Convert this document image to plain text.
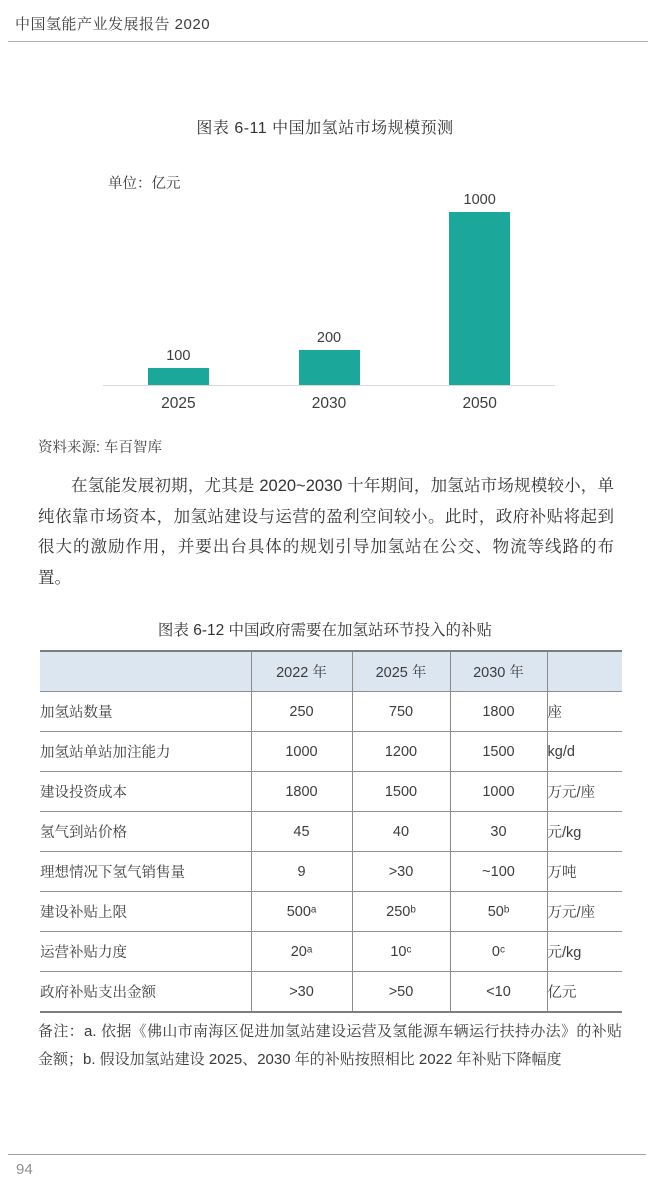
中国氢能产业发展报告 2020
图表 6-11 中国加氢站市场规模预测
单位：亿元
100
200
1000
2025	2030	2050
资料来源: 车百智库

在氢能发展初期，尤其是 2020~2030 十年期间，加氢站市场规模较小，单纯依靠市场资本，加氢站建设与运营的盈利空间较小。此时，政府补贴将起到很大的激励作用，并要出台具体的规划引导加氢站在公交、物流等线路的布置。

图表 6-12 中国政府需要在加氢站环节投入的补贴
	2022 年	2025 年	2030 年	
加氢站数量	250	750	1800	座
加氢站单站加注能力	1000	1200	1500	kg/d
建设投资成本	1800	1500	1000	万元/座
氢气到站价格	45	40	30	元/kg
理想情况下氢气销售量	9	>30	~100	万吨
建设补贴上限	500ᵃ	250ᵇ	50ᵇ	万元/座
运营补贴力度	20ᵃ	10ᶜ	0ᶜ	元/kg
政府补贴支出金额	>30	>50	<10	亿元

备注：a. 依据《佛山市南海区促进加氢站建设运营及氢能源车辆运行扶持办法》的补贴金额；b. 假设加氢站建设 2025、2030 年的补贴按照相比 2022 年补贴下降幅度

94
